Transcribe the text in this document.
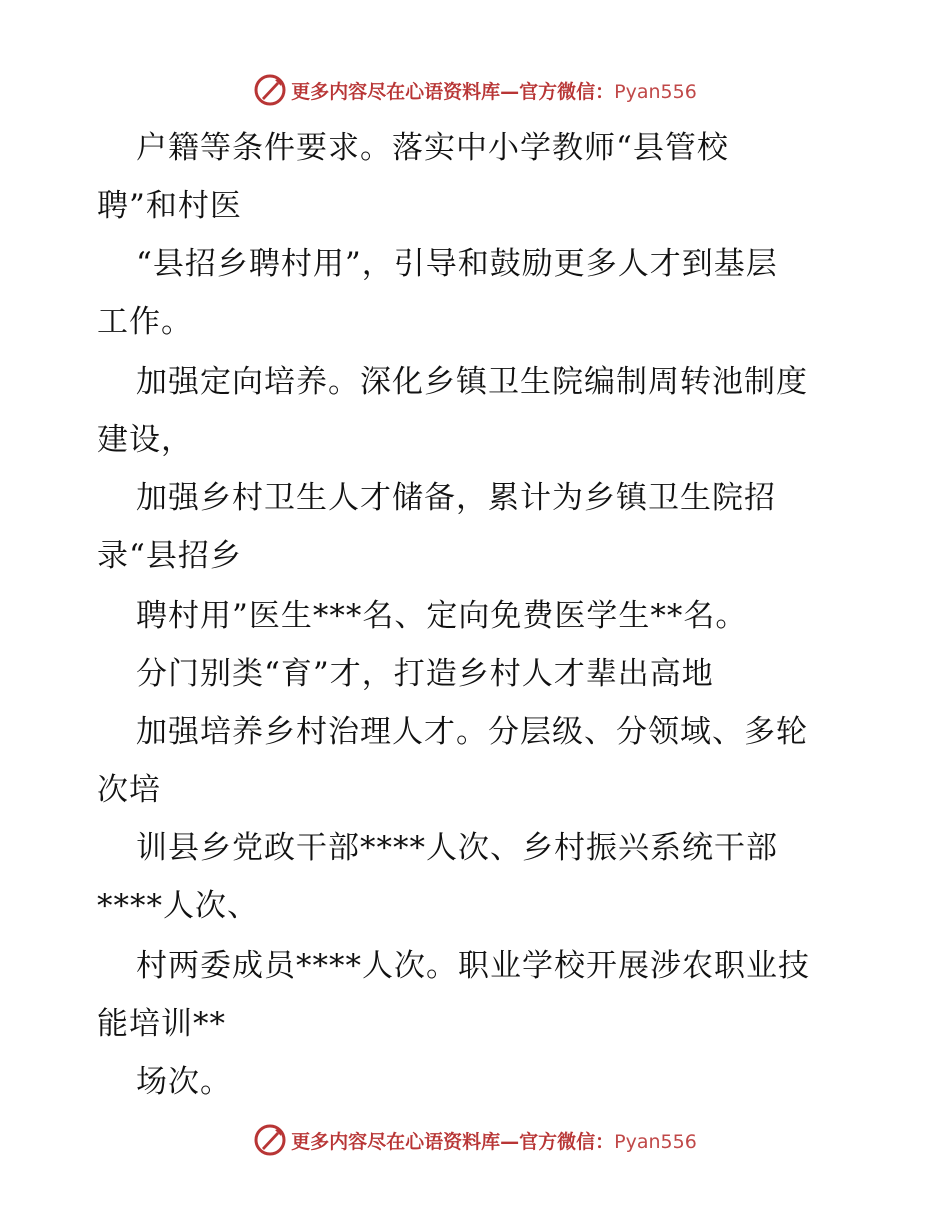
更多内容尽在心语资料库—官方微信：Pyan556
户籍等条件要求。落实中小学教师“县管校
聘”和村医
“县招乡聘村用”，引导和鼓励更多人才到基层
工作。
加强定向培养。深化乡镇卫生院编制周转池制度
建设，
加强乡村卫生人才储备，累计为乡镇卫生院招
录“县招乡
聘村用”医生***名、定向免费医学生**名。
分门别类“育”才，打造乡村人才辈出高地
加强培养乡村治理人才。分层级、分领域、多轮
次培
训县乡党政干部****人次、乡村振兴系统干部
****人次、
村两委成员****人次。职业学校开展涉农职业技
能培训**
场次。
更多内容尽在心语资料库—官方微信：Pyan556
